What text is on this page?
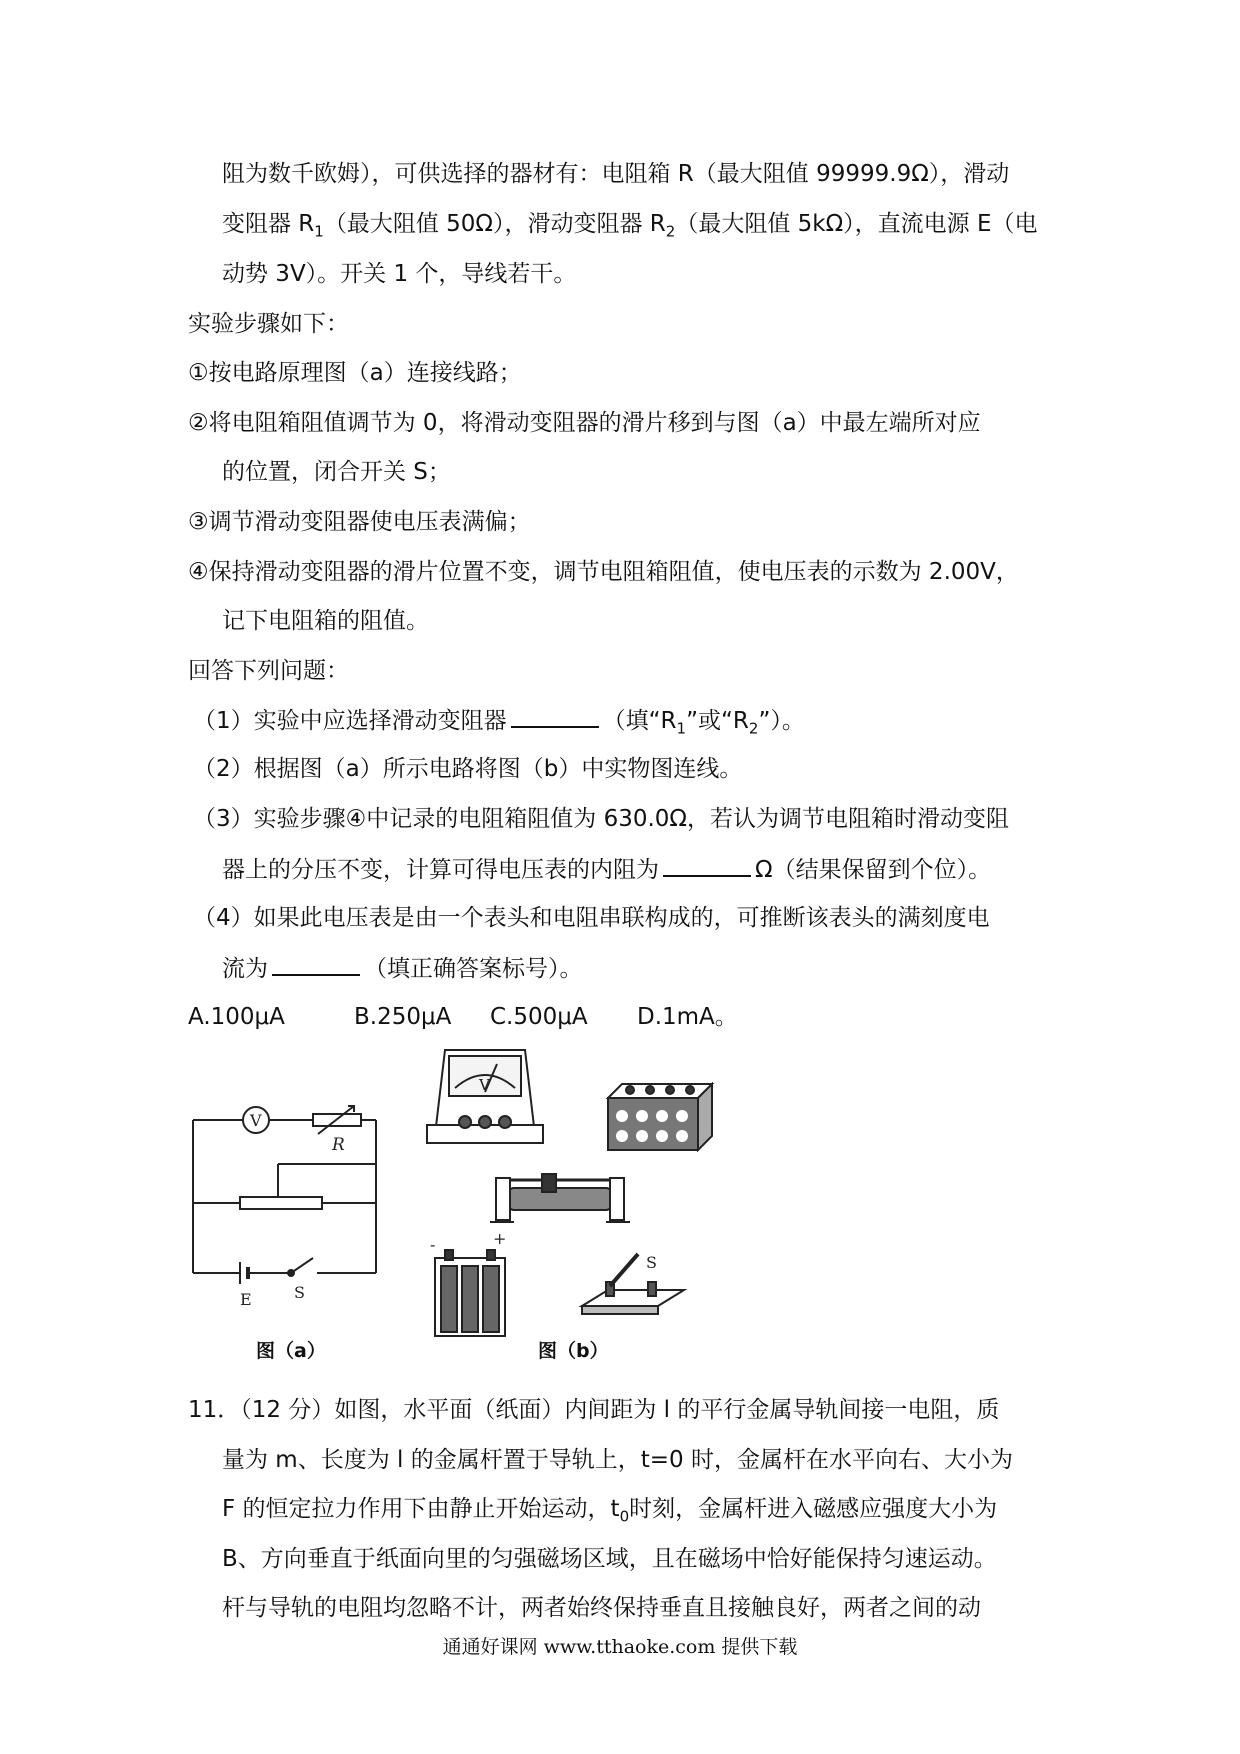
阻为数千欧姆），可供选择的器材有：电阻箱 R（最大阻值 99999.9Ω），滑动
变阻器 $R_1$（最大阻值 50Ω），滑动变阻器 $R_2$（最大阻值 5kΩ），直流电源 E（电
动势 3V）。开关 1 个，导线若干。
实验步骤如下：
①按电路原理图（a）连接线路；
②将电阻箱阻值调节为 0，将滑动变阻器的滑片移到与图（a）中最左端所对应
的位置，闭合开关 S；
③调节滑动变阻器使电压表满偏；
④保持滑动变阻器的滑片位置不变，调节电阻箱阻值，使电压表的示数为 2.00V，
记下电阻箱的阻值。
回答下列问题：
（1）实验中应选择滑动变阻器	（填“$R_1$”或“$R_2$”）。
（2）根据图（a）所示电路将图（b）中实物图连线。
（3）实验步骤④中记录的电阻箱阻值为 630.0Ω，若认为调节电阻箱时滑动变阻
器上的分压不变，计算可得电压表的内阻为	Ω（结果保留到个位）。
（4）如果此电压表是由一个表头和电阻串联构成的，可推断该表头的满刻度电
流为	（填正确答案标号）。
A.100μA	B.250μA C.500μA D.1mA。
V
R
E	S
V
-	+
S
图（a）	图（b）
11．（12 分）如图，水平面（纸面）内间距为 l 的平行金属导轨间接一电阻，质
量为 m、长度为 l 的金属杆置于导轨上，t=0 时，金属杆在水平向右、大小为
F 的恒定拉力作用下由静止开始运动，$t_0$时刻，金属杆进入磁感应强度大小为
B、方向垂直于纸面向里的匀强磁场区域，且在磁场中恰好能保持匀速运动。
杆与导轨的电阻均忽略不计，两者始终保持垂直且接触良好，两者之间的动
通通好课网 www.tthaoke.com 提供下载
